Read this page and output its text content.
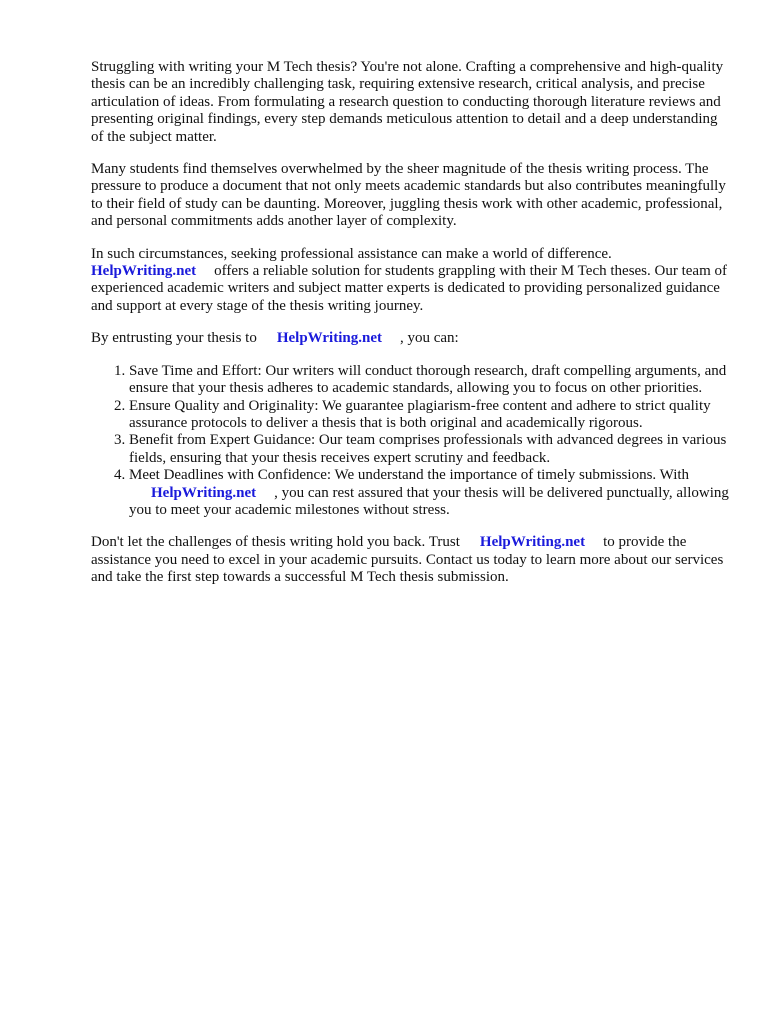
Struggling with writing your M Tech thesis? You're not alone. Crafting a comprehensive and high-quality thesis can be an incredibly challenging task, requiring extensive research, critical analysis, and precise articulation of ideas. From formulating a research question to conducting thorough literature reviews and presenting original findings, every step demands meticulous attention to detail and a deep understanding of the subject matter.

Many students find themselves overwhelmed by the sheer magnitude of the thesis writing process. The pressure to produce a document that not only meets academic standards but also contributes meaningfully to their field of study can be daunting. Moreover, juggling thesis work with other academic, professional, and personal commitments adds another layer of complexity.

In such circumstances, seeking professional assistance can make a world of difference.
HelpWriting.net offers a reliable solution for students grappling with their M Tech theses. Our team of experienced academic writers and subject matter experts is dedicated to providing personalized guidance and support at every stage of the thesis writing journey.

By entrusting your thesis to HelpWriting.net , you can:

1. Save Time and Effort: Our writers will conduct thorough research, draft compelling arguments, and ensure that your thesis adheres to academic standards, allowing you to focus on other priorities.
2. Ensure Quality and Originality: We guarantee plagiarism-free content and adhere to strict quality assurance protocols to deliver a thesis that is both original and academically rigorous.
3. Benefit from Expert Guidance: Our team comprises professionals with advanced degrees in various fields, ensuring that your thesis receives expert scrutiny and feedback.
4. Meet Deadlines with Confidence: We understand the importance of timely submissions. With
HelpWriting.net , you can rest assured that your thesis will be delivered punctually, allowing you to meet your academic milestones without stress.

Don't let the challenges of thesis writing hold you back. Trust HelpWriting.net to provide the assistance you need to excel in your academic pursuits. Contact us today to learn more about our services and take the first step towards a successful M Tech thesis submission.
